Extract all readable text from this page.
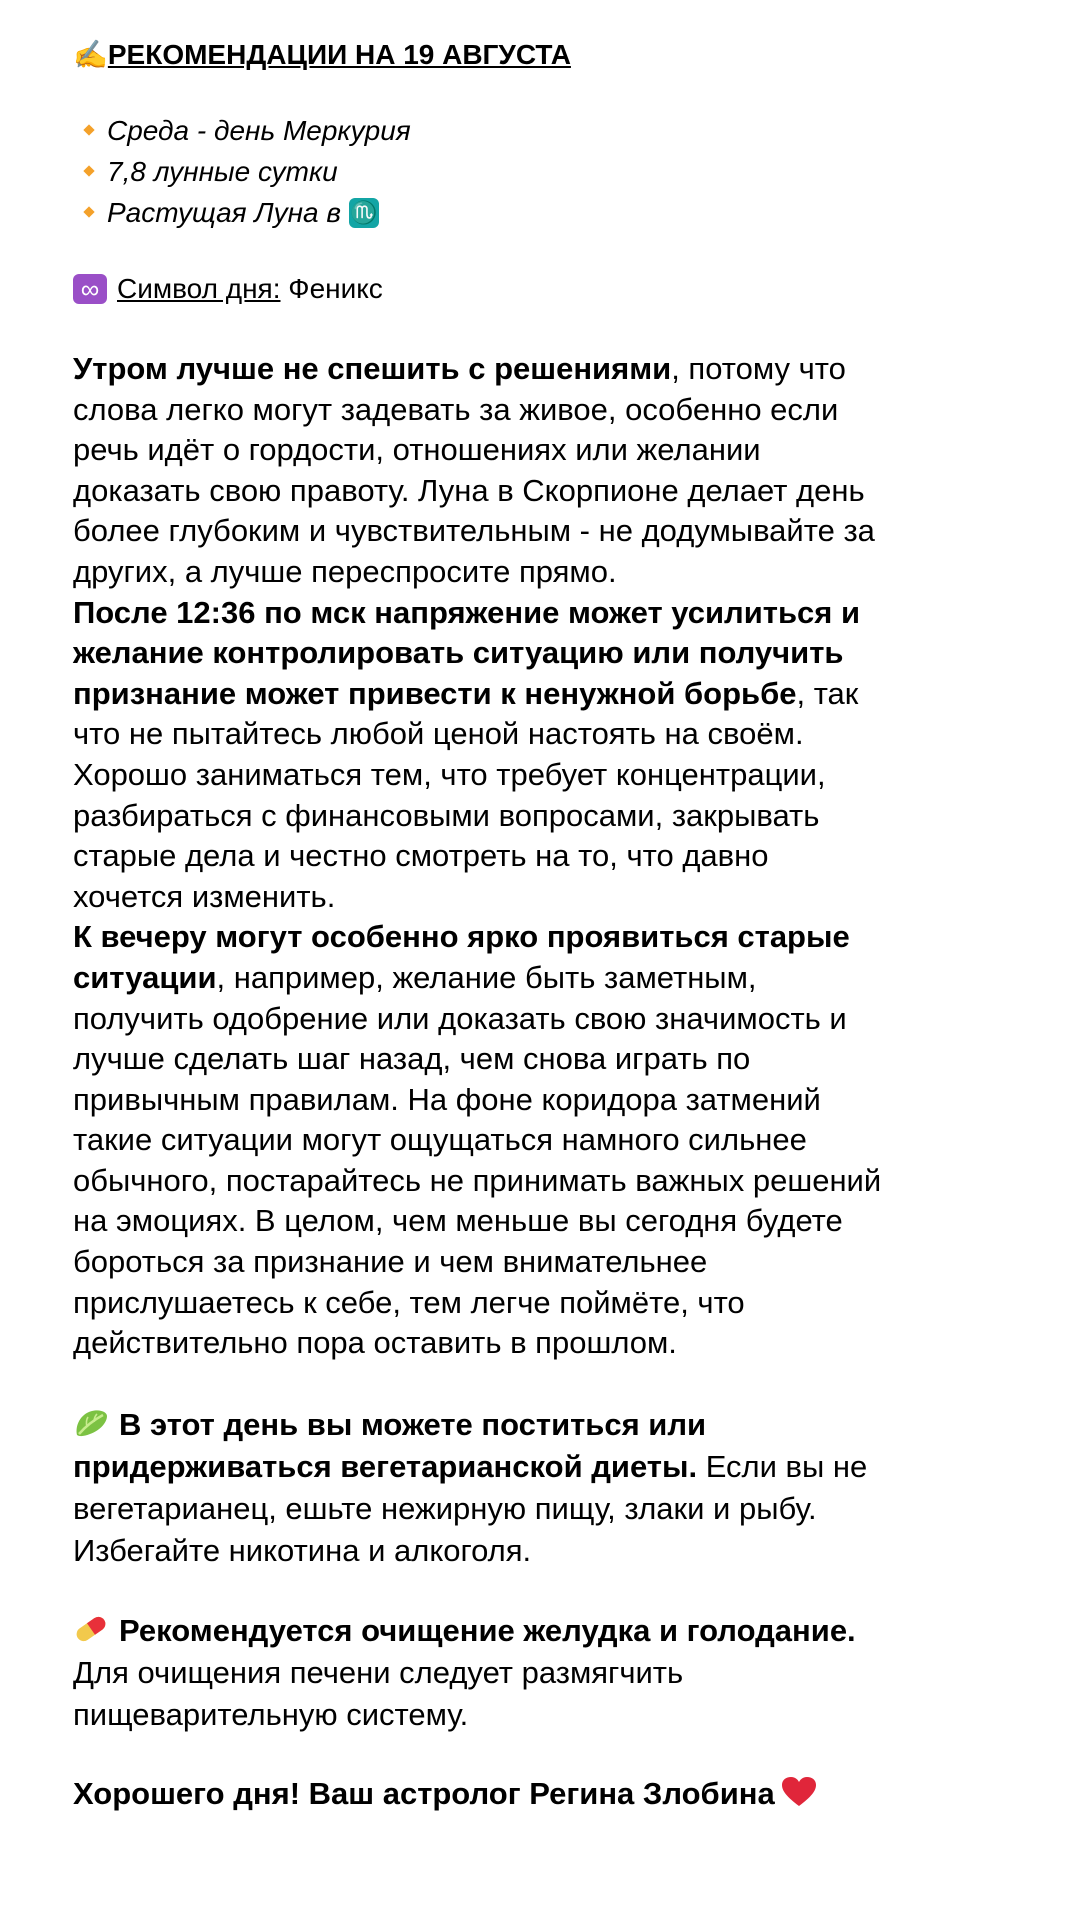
✍РЕКОМЕНДАЦИИ НА 19 АВГУСТА
Среда - день Меркурия
7,8 лунные сутки
Растущая Луна в ♏
∞ Символ дня: Феникс
Утром лучше не спешить с решениями, потому что
слова легко могут задевать за живое, особенно если
речь идёт о гордости, отношениях или желании
доказать свою правоту. Луна в Скорпионе делает день
более глубоким и чувствительным - не додумывайте за
других, а лучше переспросите прямо.
После 12:36 по мск напряжение может усилиться и
желание контролировать ситуацию или получить
признание может привести к ненужной борьбе, так
что не пытайтесь любой ценой настоять на своём.
Хорошо заниматься тем, что требует концентрации,
разбираться с финансовыми вопросами, закрывать
старые дела и честно смотреть на то, что давно
хочется изменить.
К вечеру могут особенно ярко проявиться старые
ситуации, например, желание быть заметным,
получить одобрение или доказать свою значимость и
лучше сделать шаг назад, чем снова играть по
привычным правилам. На фоне коридора затмений
такие ситуации могут ощущаться намного сильнее
обычного, постарайтесь не принимать важных решений
на эмоциях. В целом, чем меньше вы сегодня будете
бороться за признание и чем внимательнее
прислушаетесь к себе, тем легче поймёте, что
действительно пора оставить в прошлом.
В этот день вы можете поститься или
придерживаться вегетарианской диеты. Если вы не
вегетарианец, ешьте нежирную пищу, злаки и рыбу.
Избегайте никотина и алкоголя.
Рекомендуется очищение желудка и голодание.
Для очищения печени следует размягчить
пищеварительную систему.
Хорошего дня! Ваш астролог Регина Злобина
